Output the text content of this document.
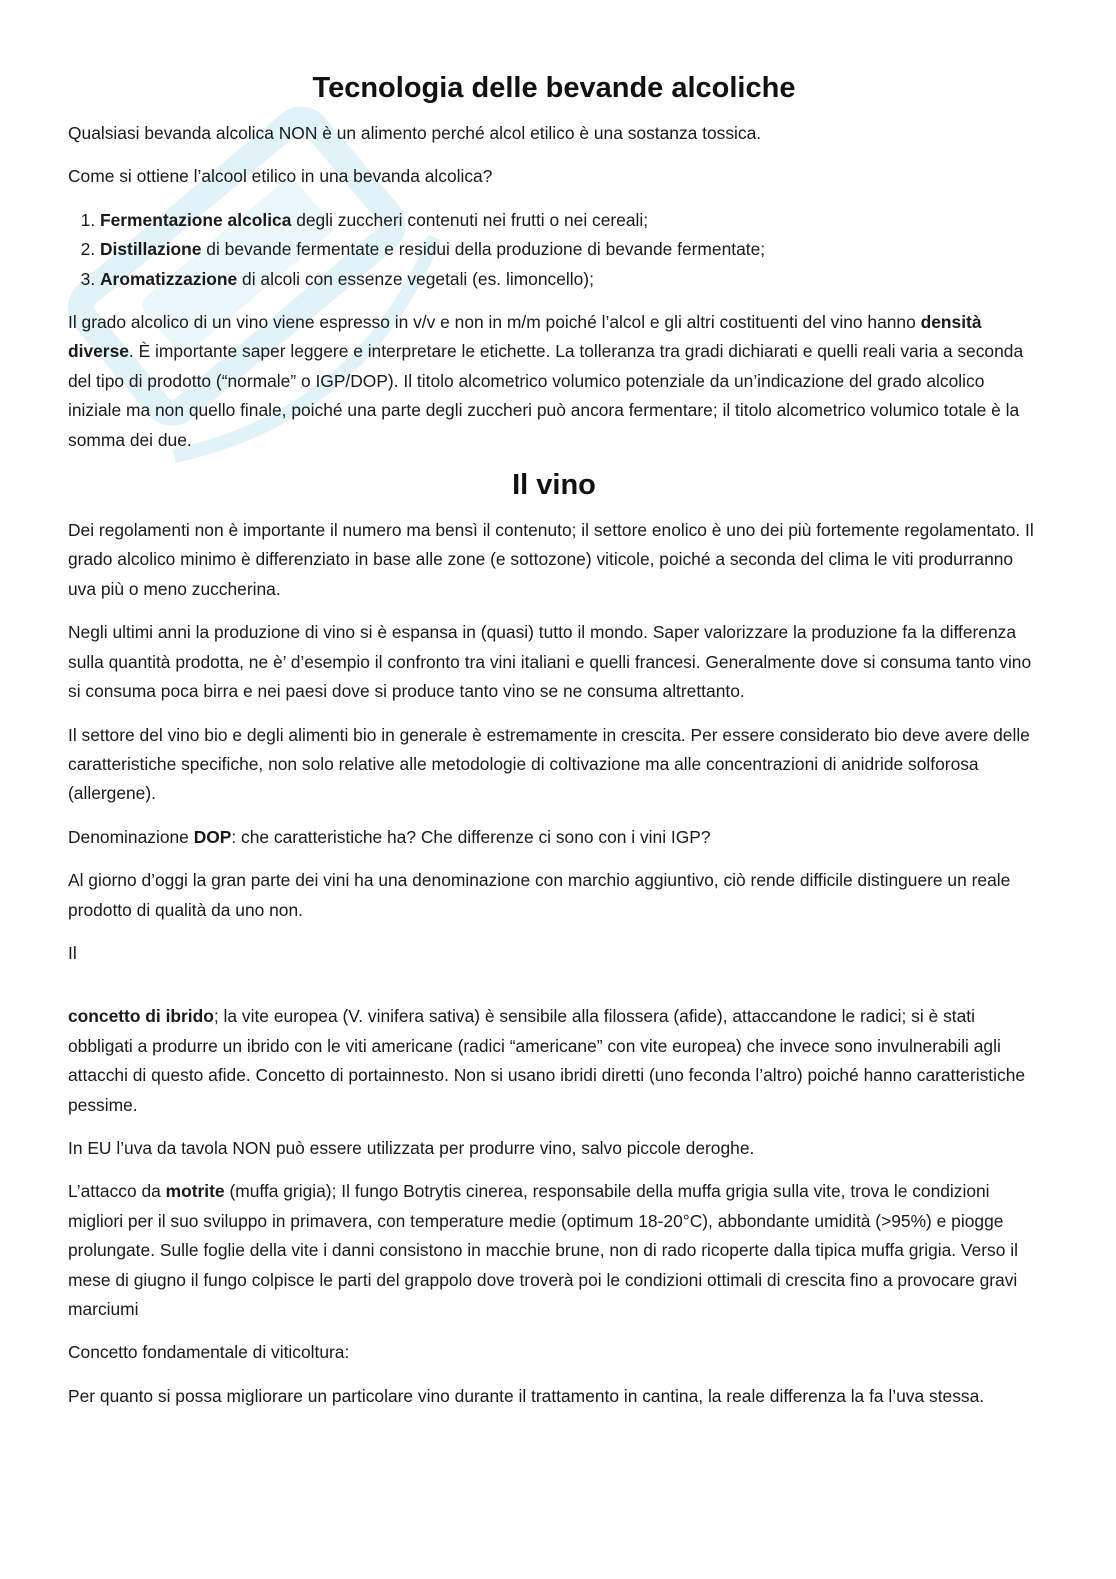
Tecnologia delle bevande alcoliche

Qualsiasi bevanda alcolica NON è un alimento perché alcol etilico è una sostanza tossica.

Come si ottiene l’alcool etilico in una bevanda alcolica?

1. Fermentazione alcolica degli zuccheri contenuti nei frutti o nei cereali;
2. Distillazione di bevande fermentate e residui della produzione di bevande fermentate;
3. Aromatizzazione di alcoli con essenze vegetali (es. limoncello);

Il grado alcolico di un vino viene espresso in v/v e non in m/m poiché l’alcol e gli altri costituenti del vino hanno densità diverse. È importante saper leggere e interpretare le etichette. La tolleranza tra gradi dichiarati e quelli reali varia a seconda del tipo di prodotto (“normale” o IGP/DOP). Il titolo alcometrico volumico potenziale da un’indicazione del grado alcolico iniziale ma non quello finale, poiché una parte degli zuccheri può ancora fermentare; il titolo alcometrico volumico totale è la somma dei due.

Il vino

Dei regolamenti non è importante il numero ma bensì il contenuto; il settore enolico è uno dei più fortemente regolamentato. Il grado alcolico minimo è differenziato in base alle zone (e sottozone) viticole, poiché a seconda del clima le viti produrranno uva più o meno zuccherina.

Negli ultimi anni la produzione di vino si è espansa in (quasi) tutto il mondo. Saper valorizzare la produzione fa la differenza sulla quantità prodotta, ne è’ d’esempio il confronto tra vini italiani e quelli francesi. Generalmente dove si consuma tanto vino si consuma poca birra e nei paesi dove si produce tanto vino se ne consuma altrettanto.

Il settore del vino bio e degli alimenti bio in generale è estremamente in crescita. Per essere considerato bio deve avere delle caratteristiche specifiche, non solo relative alle metodologie di coltivazione ma alle concentrazioni di anidride solforosa (allergene).

Denominazione DOP: che caratteristiche ha? Che differenze ci sono con i vini IGP?

Al giorno d’oggi la gran parte dei vini ha una denominazione con marchio aggiuntivo, ciò rende difficile distinguere un reale prodotto di qualità da uno non.

Il

concetto di ibrido; la vite europea (V. vinifera sativa) è sensibile alla filossera (afide), attaccandone le radici; si è stati obbligati a produrre un ibrido con le viti americane (radici “americane” con vite europea) che invece sono invulnerabili agli attacchi di questo afide. Concetto di portainnesto. Non si usano ibridi diretti (uno feconda l’altro) poiché hanno caratteristiche pessime.

In EU l’uva da tavola NON può essere utilizzata per produrre vino, salvo piccole deroghe.

L’attacco da motrite (muffa grigia); Il fungo Botrytis cinerea, responsabile della muffa grigia sulla vite, trova le condizioni migliori per il suo sviluppo in primavera, con temperature medie (optimum 18-20°C), abbondante umidità (>95%) e piogge prolungate. Sulle foglie della vite i danni consistono in macchie brune, non di rado ricoperte dalla tipica muffa grigia. Verso il mese di giugno il fungo colpisce le parti del grappolo dove troverà poi le condizioni ottimali di crescita fino a provocare gravi marciumi

Concetto fondamentale di viticoltura:

Per quanto si possa migliorare un particolare vino durante il trattamento in cantina, la reale differenza la fa l’uva stessa.
